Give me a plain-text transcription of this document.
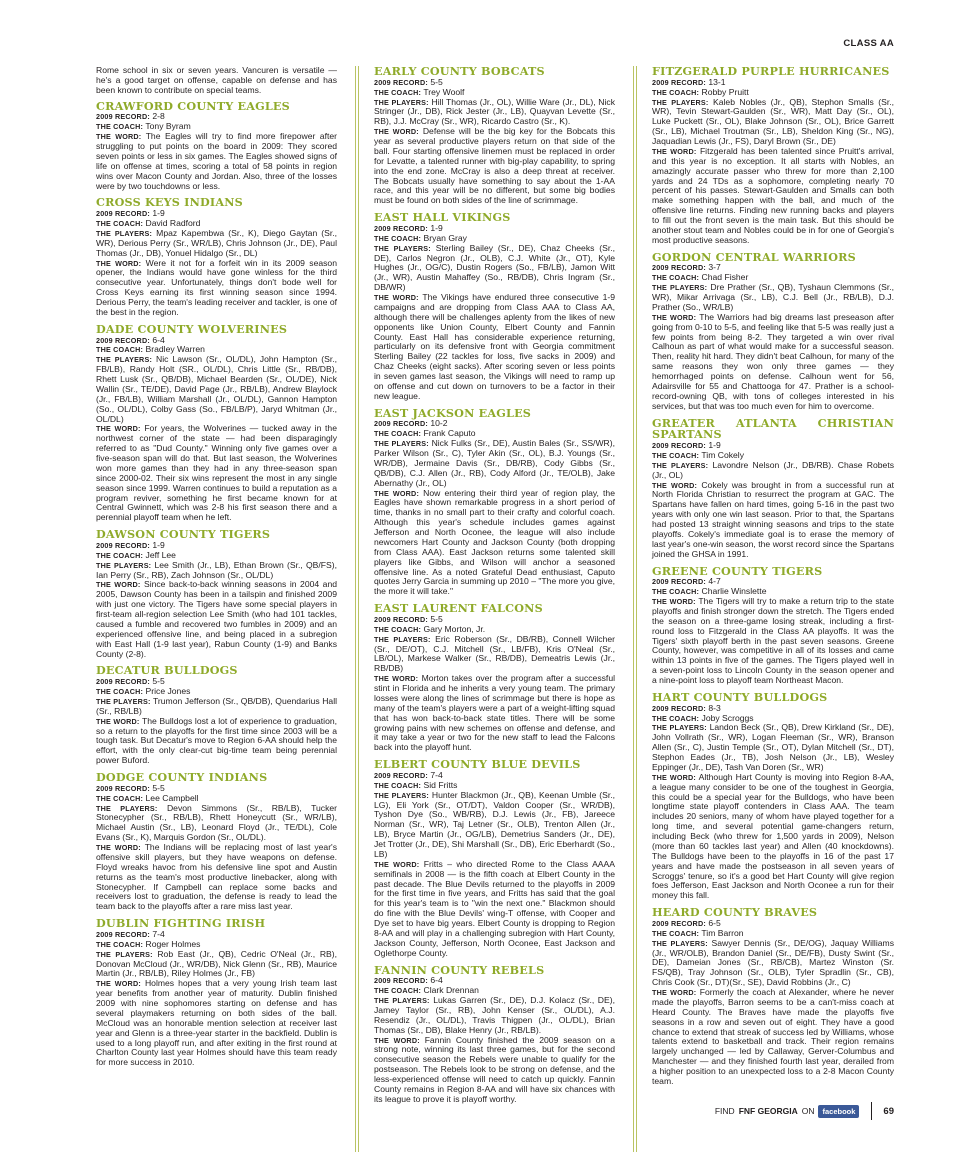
CLASS AA

Rome school in six or seven years. Vancuren is versatile — he's a good target on offense, capable on defense and has been known to contribute on special teams.

CRAWFORD COUNTY EAGLES

2009 RECORD: 2-8

THE COACH: Tony Byram

THE WORD: The Eagles will try to find more firepower after struggling to put points on the board in 2009: They scored seven points or less in six games. The Eagles showed signs of life on offense at times, scoring a total of 58 points in region wins over Macon County and Jordan. Also, three of the losses were by two touchdowns or less.

CROSS KEYS INDIANS

2009 RECORD: 1-9

THE COACH: David Radford

THE PLAYERS: Mpaz Kapembwa (Sr., K), Diego Gaytan (Sr., WR), Derious Perry (Sr., WR/LB), Chris Johnson (Jr., DE), Paul Thomas (Jr., DB), Yonuel Hidalgo (Sr., DL)

THE WORD: Were it not for a forfeit win in its 2009 season opener, the Indians would have gone winless for the third consecutive year. Unfortunately, things don't bode well for Cross Keys earning its first winning season since 1994. Derious Perry, the team's leading receiver and tackler, is one of the best in the region.

DADE COUNTY WOLVERINES

2009 RECORD: 6-4

THE COACH: Bradley Warren

THE PLAYERS: Nic Lawson (Sr., OL/DL), John Hampton (Sr., FB/LB), Randy Holt (SR., OL/DL), Chris Little (Sr., RB/DB), Rhett Lusk (Sr., QB/DB), Michael Bearden (Sr., OL/DE), Nick Wallin (Sr., TE/DE), David Page (Jr., RB/LB), Andrew Blaylock (Jr., FB/LB), William Marshall (Jr., OL/DL), Gannon Hampton (So., OL/DL), Colby Gass (So., FB/LB/P), Jaryd Whitman (Jr., OL/DL)

THE WORD: For years, the Wolverines — tucked away in the northwest corner of the state — had been disparagingly referred to as "Dud County." Winning only five games over a five-season span will do that. But last season, the Wolverines won more games than they had in any three-season span since 2000-02. Their six wins represent the most in any single season since 1999. Warren continues to build a reputation as a program reviver, something he first became known for at Central Gwinnett, which was 2-8 his first season there and a perennial playoff team when he left.

DAWSON COUNTY TIGERS

2009 RECORD: 1-9

THE COACH: Jeff Lee

THE PLAYERS: Lee Smith (Jr., LB), Ethan Brown (Sr., QB/FS), Ian Perry (Sr., RB), Zach Johnson (Sr., OL/DL)

THE WORD: Since back-to-back winning seasons in 2004 and 2005, Dawson County has been in a tailspin and finished 2009 with just one victory. The Tigers have some special players in first-team all-region selection Lee Smith (who had 101 tackles, caused a fumble and recovered two fumbles in 2009) and an experienced offensive line, and being placed in a subregion with East Hall (1-9 last year), Rabun County (1-9) and Banks County (2-8).

DECATUR BULLDOGS

2009 RECORD: 5-5

THE COACH: Price Jones

THE PLAYERS: Trumon Jefferson (Sr., QB/DB), Quendarius Hall (Sr., RB/LB)

THE WORD: The Bulldogs lost a lot of experience to graduation, so a return to the playoffs for the first time since 2003 will be a tough task. But Decatur's move to Region 6-AA should help the effort, with the only clear-cut big-time team being perennial power Buford.

DODGE COUNTY INDIANS

2009 RECORD: 5-5

THE COACH: Lee Campbell

THE PLAYERS: Devon Simmons (Sr., RB/LB), Tucker Stonecypher (Sr., RB/LB), Rhett Honeycutt (Sr., WR/LB), Michael Austin (Sr., LB), Leonard Floyd (Jr., TE/DL), Cole Evans (Sr., K), Marquis Gordon (Sr., OL/DL).

THE WORD: The Indians will be replacing most of last year's offensive skill players, but they have weapons on defense. Floyd wreaks havoc from his defensive line spot and Austin returns as the team's most productive linebacker, along with Stonecypher. If Campbell can replace some backs and receivers lost to graduation, the defense is ready to lead the team back to the playoffs after a rare miss last year.

DUBLIN FIGHTING IRISH

2009 RECORD: 7-4

THE COACH: Roger Holmes

THE PLAYERS: Rob East (Jr., QB), Cedric O'Neal (Jr., RB), Donovan McCloud (Jr., WR/DB), Nick Glenn (Sr., RB), Maurice Martin (Jr., RB/LB), Riley Holmes (Jr., FB)

THE WORD: Holmes hopes that a very young Irish team last year benefits from another year of maturity. Dublin finished 2009 with nine sophomores starting on defense and has several playmakers returning on both sides of the ball. McCloud was an honorable mention selection at receiver last year and Glenn is a three-year starter in the backfield. Dublin is used to a long playoff run, and after exiting in the first round at Charlton County last year Holmes should have this team ready for more success in 2010.

EARLY COUNTY BOBCATS

2009 RECORD: 5-5

THE COACH: Trey Woolf

THE PLAYERS: Hill Thomas (Jr., OL), Willie Ware (Jr., DL), Nick Stringer (Jr., DB), Rick Jester (Jr., LB), Quayvan Levette (Sr., RB), J.J. McCray (Sr., WR), Ricardo Castro (Sr., K).

THE WORD: Defense will be the big key for the Bobcats this year as several productive players return on that side of the ball. Four starting offensive linemen must be replaced in order for Levatte, a talented runner with big-play capability, to spring into the end zone. McCray is also a deep threat at receiver. The Bobcats usually have something to say about the 1-AA race, and this year will be no different, but some big bodies must be found on both sides of the line of scrimmage.

EAST HALL VIKINGS

2009 RECORD: 1-9

THE COACH: Bryan Gray

THE PLAYERS: Sterling Bailey (Sr., DE), Chaz Cheeks (Sr., DE), Carlos Negron (Jr., OLB), C.J. White (Jr., OT), Kyle Hughes (Jr., OG/C), Dustin Rogers (So., FB/LB), Jamon Witt (Jr., WR), Austin Mahaffey (So., RB/DB), Chris Ingram (Sr., DB/WR)

THE WORD: The Vikings have endured three consecutive 1-9 campaigns and are dropping from Class AAA to Class AA, although there will be challenges aplenty from the likes of new opponents like Union County, Elbert County and Fannin County. East Hall has considerable experience returning, particularly on its defensive front with Georgia commitment Sterling Bailey (22 tackles for loss, five sacks in 2009) and Chaz Cheeks (eight sacks). After scoring seven or less points in seven games last season, the Vikings will need to ramp up on offense and cut down on turnovers to be a factor in their new league.

EAST JACKSON EAGLES

2009 RECORD: 10-2

THE COACH: Frank Caputo

THE PLAYERS: Nick Fulks (Sr., DE), Austin Bales (Sr., SS/WR), Parker Wilson (Sr., C), Tyler Akin (Sr., OL), B.J. Youngs (Sr., WR/DB), Jermaine Davis (Sr., DB/RB), Cody Gibbs (Sr., QB/DB), C.J. Allen (Jr., RB), Cody Alford (Jr., TE/OLB), Jake Abernathy (Jr., OL)

THE WORD: Now entering their third year of region play, the Eagles have shown remarkable progress in a short period of time, thanks in no small part to their crafty and colorful coach. Although this year's schedule includes games against Jefferson and North Oconee, the league will also include newcomers Hart County and Jackson County (both dropping from Class AAA). East Jackson returns some talented skill players like Gibbs, and Wilson will anchor a seasoned offensive line. As a noted Grateful Dead enthusiast, Caputo quotes Jerry Garcia in summing up 2010 – "The more you give, the more it will take."

EAST LAURENT FALCONS

2009 RECORD: 5-5

THE COACH: Gary Morton, Jr.

THE PLAYERS: Eric Roberson (Sr., DB/RB), Connell Wilcher (Sr., DE/OT), C.J. Mitchell (Sr., LB/FB), Kris O'Neal (Sr., LB/OL), Markese Walker (Sr., RB/DB), Demeatris Lewis (Jr., RB/DB)

THE WORD: Morton takes over the program after a successful stint in Florida and he inherits a very young team. The primary losses were along the lines of scrimmage but there is hope as many of the team's players were a part of a weight-lifting squad that has won back-to-back state titles. There will be some growing pains with new schemes on offense and defense, and it may take a year or two for the new staff to lead the Falcons back into the playoff hunt.

ELBERT COUNTY BLUE DEVILS

2009 RECORD: 7-4

THE COACH: Sid Fritts

THE PLAYERS: Hunter Blackmon (Jr., QB), Keenan Umble (Sr., LG), Eli York (Sr., OT/DT), Valdon Cooper (Sr., WR/DB), Tyshon Dye (So., WB/RB), D.J. Lewis (Jr., FB), Jareece Norman (Sr., WR), Taj Letner (Sr., OLB), Trenton Allen (Jr., LB), Bryce Martin (Jr., OG/LB), Demetrius Sanders (Jr., DE), Jet Trotter (Jr., DE), Shi Marshall (Sr., DB), Eric Eberhardt (So., LB)

THE WORD: Fritts – who directed Rome to the Class AAAA semifinals in 2008 — is the fifth coach at Elbert County in the past decade. The Blue Devils returned to the playoffs in 2009 for the first time in five years, and Fritts has said that the goal for this year's team is to "win the next one." Blackmon should do fine with the Blue Devils' wing-T offense, with Cooper and Dye set to have big years. Elbert County is dropping to Region 8-AA and will play in a challenging subregion with Hart County, Jackson County, Jefferson, North Oconee, East Jackson and Oglethorpe County.

FANNIN COUNTY REBELS

2009 RECORD: 6-4

THE COACH: Clark Drennan

THE PLAYERS: Lukas Garren (Sr., DE), D.J. Kolacz (Sr., DE), Jamey Taylor (Sr., RB), John Kenser (Sr., OL/DL), A.J. Resendiz (Jr., OL/DL), Travis Thigpen (Jr., OL/DL), Brian Thomas (Sr., DB), Blake Henry (Jr., RB/LB).

THE WORD: Fannin County finished the 2009 season on a strong note, winning its last three games, but for the second consecutive season the Rebels were unable to qualify for the postseason. The Rebels look to be strong on defense, and the less-experienced offense will need to catch up quickly. Fannin County remains in Region 8-AA and will have six chances with its league to prove it is playoff worthy.

FITZGERALD PURPLE HURRICANES

2009 RECORD: 13-1

THE COACH: Robby Pruitt

THE PLAYERS: Kaleb Nobles (Jr., QB), Stephon Smalls (Sr., WR), Tevin Stewart-Gaulden (Sr., WR), Matt Day (Sr., OL), Luke Puckett (Sr., OL), Blake Johnson (Sr., OL), Brice Garrett (Sr., LB), Michael Troutman (Sr., LB), Sheldon King (Sr., NG), Jaquadian Lewis (Jr., FS), Daryl Brown (Sr., DE)

THE WORD: Fitzgerald has been talented since Pruitt's arrival, and this year is no exception. It all starts with Nobles, an amazingly accurate passer who threw for more than 2,100 yards and 24 TDs as a sophomore, completing nearly 70 percent of his passes. Stewart-Gaulden and Smalls can both make something happen with the ball, and much of the offensive line returns. Finding new running backs and players to fill out the front seven is the main task. But this should be another stout team and Nobles could be in for one of Georgia's most productive seasons.

GORDON CENTRAL WARRIORS

2009 RECORD: 3-7

THE COACH: Chad Fisher

THE PLAYERS: Dre Prather (Sr., QB), Tyshaun Clemmons (Sr., WR), Mikar Arrivaga (Sr., LB), C.J. Bell (Jr., RB/LB), D.J. Prather (So., WR/LB)

THE WORD: The Warriors had big dreams last preseason after going from 0-10 to 5-5, and feeling like that 5-5 was really just a few points from being 8-2. They targeted a win over rival Calhoun as part of what would make for a successful season. Then, reality hit hard. They didn't beat Calhoun, for many of the same reasons they won only three games — they hemorrhaged points on defense. Calhoun went for 56, Adairsville for 55 and Chattooga for 47. Prather is a school-record-owning QB, with tons of colleges interested in his services, but that was too much even for him to overcome.

GREATER ATLANTA CHRISTIAN SPARTANS

2009 RECORD: 1-9

THE COACH: Tim Cokely

THE PLAYERS: Lavondre Nelson (Jr., DB/RB). Chase Robets (Jr., OL)

THE WORD: Cokely was brought in from a successful run at North Florida Christian to resurrect the program at GAC. The Spartans have fallen on hard times, going 5-16 in the past two years with only one win last season. Prior to that, the Spartans had posted 13 straight winning seasons and trips to the state playoffs. Cokely's immediate goal is to erase the memory of last year's one-win season, the worst record since the Spartans joined the GHSA in 1991.

GREENE COUNTY TIGERS

2009 RECORD: 4-7

THE COACH: Charlie Winslette

THE WORD: The Tigers will try to make a return trip to the state playoffs and finish stronger down the stretch. The Tigers ended the season on a three-game losing streak, including a first-round loss to Fitzgerald in the Class AA playoffs. It was the Tigers' sixth playoff berth in the past seven seasons. Greene County, however, was competitive in all of its losses and came within 13 points in five of the games. The Tigers played well in a seven-point loss to Lincoln County in the season opener and a nine-point loss to playoff team Northeast Macon.

HART COUNTY BULLDOGS

2009 RECORD: 8-3

THE COACH: Joby Scroggs

THE PLAYERS: Landon Beck (Sr., QB), Drew Kirkland (Sr., DE), John Vollrath (Sr., WR), Logan Fleeman (Sr., WR), Branson Allen (Sr., C), Justin Temple (Sr., OT), Dylan Mitchell (Sr., DT), Stephon Eades (Jr., TB), Josh Nelson (Jr., LB), Wesley Eppinger (Jr., DE), Tash Van Doren (Sr., WR)

THE WORD: Although Hart County is moving into Region 8-AA, a league many consider to be one of the toughest in Georgia, this could be a special year for the Bulldogs, who have been longtime state playoff contenders in Class AAA. The team includes 20 seniors, many of whom have played together for a long time, and several potential game-changers return, including Beck (who threw for 1,500 yards in 2009), Nelson (more than 60 tackles last year) and Allen (40 knockdowns). The Bulldogs have been to the playoffs in 16 of the past 17 years and have made the postseason in all seven years of Scroggs' tenure, so it's a good bet Hart County will give region foes Jefferson, East Jackson and North Oconee a run for their money this fall.

HEARD COUNTY BRAVES

2009 RECORD: 6-5

THE COACH: Tim Barron

THE PLAYERS: Sawyer Dennis (Sr., DE/OG), Jaquay Williams (Jr., WR/OLB), Brandon Daniel (Sr., DE/FB), Dusty Swint (Sr., DE), Dameian Jones (Sr., RB/CB), Martez Winston (Sr. FS/QB), Tray Johnson (Sr., OLB), Tyler Spradlin (Sr., CB), Chris Cook (Sr., DT)(Sr., SE), David Robbins (Jr., C)

THE WORD: Formerly the coach at Alexander, where he never made the playoffs, Barron seems to be a can't-miss coach at Heard County. The Braves have made the playoffs five seasons in a row and seven out of eight. They have a good chance to extend that streak of success led by Williams, whose talents extend to basketball and track. Their region remains largely unchanged — led by Callaway, Gerver-Columbus and Manchester — and they finished fourth last year, derailed from a higher position to an unexpected loss to a 2-8 Macon County team.

FIND FNF GEORGIA ON	facebook	69
